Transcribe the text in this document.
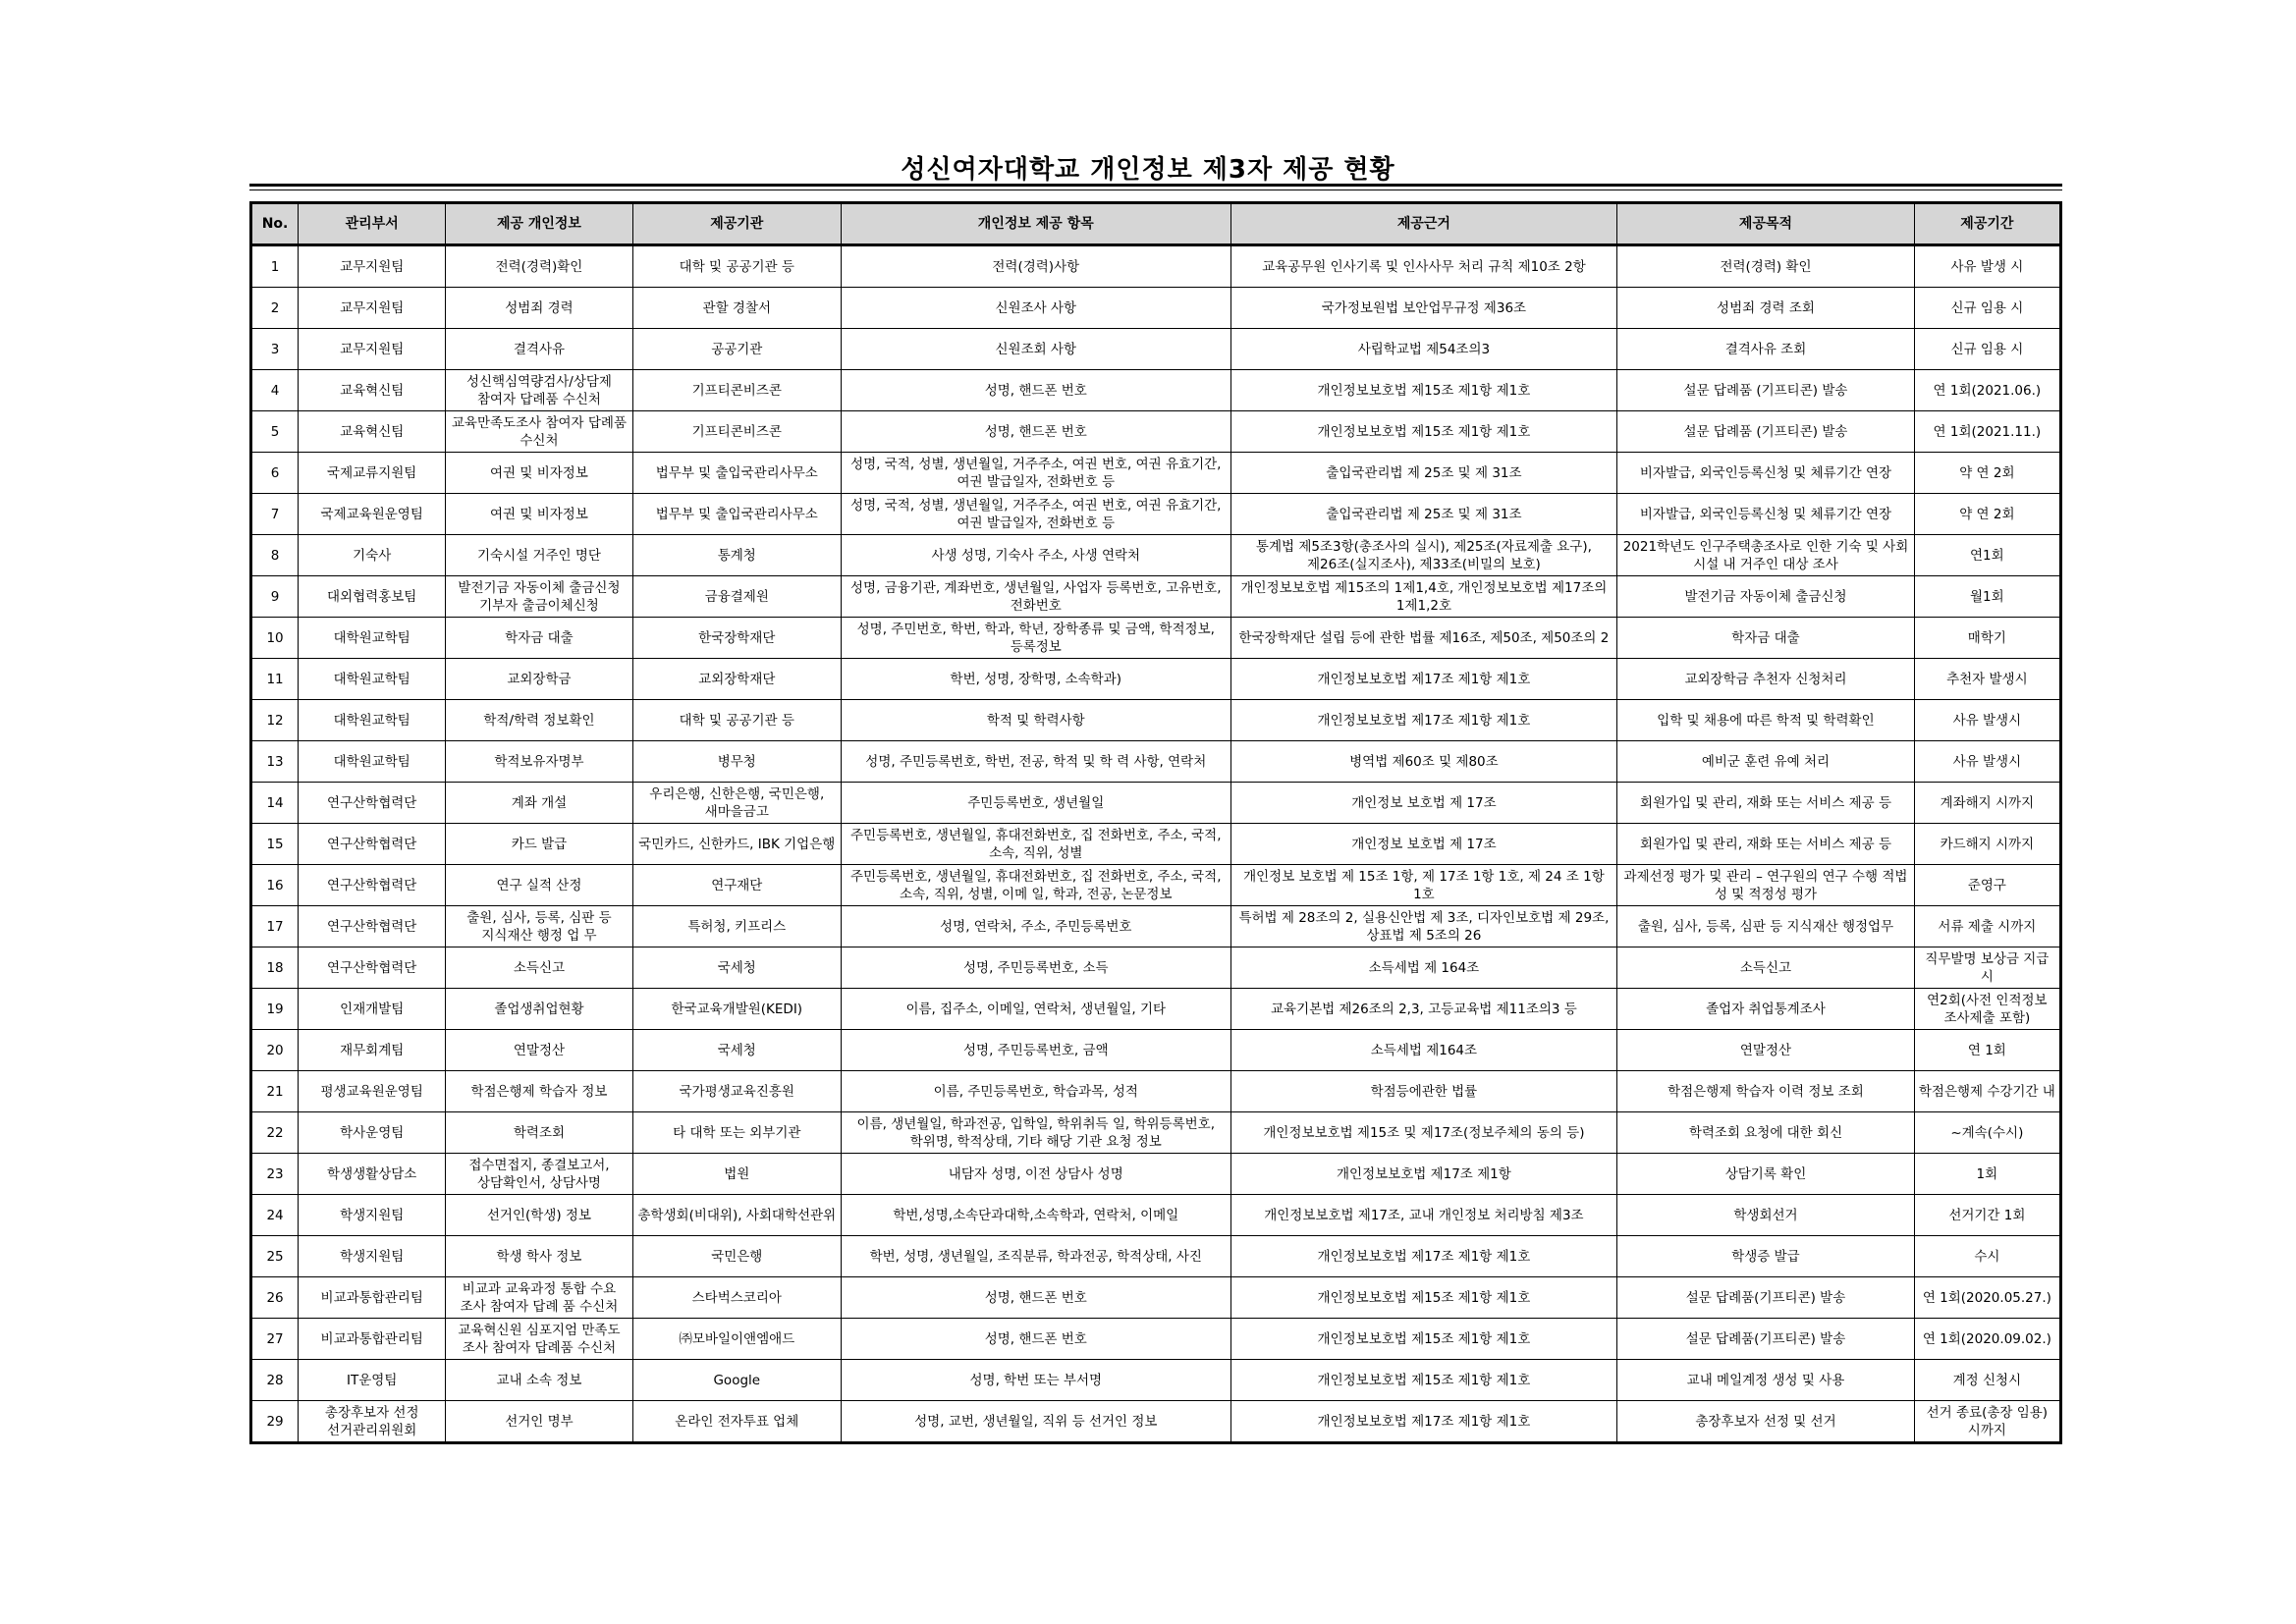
성신여자대학교 개인정보 제3자 제공 현황
No.	관리부서	제공 개인정보	제공기관	개인정보 제공 항목	제공근거	제공목적	제공기간
1	교무지원팀	전력(경력)확인	대학 및 공공기관 등	전력(경력)사항	교육공무원 인사기록 및 인사사무 처리 규칙 제10조 2항	전력(경력) 확인	사유 발생 시
2	교무지원팀	성범죄 경력	관할 경찰서	신원조사 사항	국가정보원법 보안업무규정 제36조	성범죄 경력 조회	신규 임용 시
3	교무지원팀	결격사유	공공기관	신원조회 사항	사립학교법 제54조의3	결격사유 조회	신규 임용 시
4	교육혁신팀	성신핵심역량검사/상담제 참여자 답례품 수신처	기프티콘비즈콘	성명, 핸드폰 번호	개인정보보호법 제15조 제1항 제1호	설문 답례품 (기프티콘) 발송	연 1회(2021.06.)
5	교육혁신팀	교육만족도조사 참여자 답례품 수신처	기프티콘비즈콘	성명, 핸드폰 번호	개인정보보호법 제15조 제1항 제1호	설문 답례품 (기프티콘) 발송	연 1회(2021.11.)
6	국제교류지원팀	여권 및 비자정보	법무부 및 출입국관리사무소	성명, 국적, 성별, 생년월일, 거주주소, 여권 번호, 여권 유효기간, 여권 발급일자, 전화번호 등	출입국관리법 제 25조 및 제 31조	비자발급, 외국인등록신청 및 체류기간 연장	약 연 2회
7	국제교육원운영팀	여권 및 비자정보	법무부 및 출입국관리사무소	성명, 국적, 성별, 생년월일, 거주주소, 여권 번호, 여권 유효기간, 여권 발급일자, 전화번호 등	출입국관리법 제 25조 및 제 31조	비자발급, 외국인등록신청 및 체류기간 연장	약 연 2회
8	기숙사	기숙시설 거주인 명단	통계청	사생 성명, 기숙사 주소, 사생 연락처	통계법 제5조3항(총조사의 실시), 제25조(자료제출 요구), 제26조(실지조사), 제33조(비밀의 보호)	2021학년도 인구주택총조사로 인한 기숙 및 사회 시설 내 거주인 대상 조사	연1회
9	대외협력홍보팀	발전기금 자동이체 출금신청 기부자 출금이체신청	금융결제원	성명, 금융기관, 계좌번호, 생년월일, 사업자 등록번호, 고유번호, 전화번호	개인정보보호법 제15조의 1제1,4호, 개인정보보호법 제17조의 1제1,2호	발전기금 자동이체 출금신청	월1회
10	대학원교학팀	학자금 대출	한국장학재단	성명, 주민번호, 학번, 학과, 학년, 장학종류 및 금액, 학적정보, 등록정보	한국장학재단 설립 등에 관한 법률 제16조, 제50조, 제50조의 2	학자금 대출	매학기
11	대학원교학팀	교외장학금	교외장학재단	학번, 성명, 장학명, 소속학과)	개인정보보호법 제17조 제1항 제1호	교외장학금 추천자 신청처리	추천자 발생시
12	대학원교학팀	학적/학력 정보확인	대학 및 공공기관 등	학적 및 학력사항	개인정보보호법 제17조 제1항 제1호	입학 및 채용에 따른 학적 및 학력확인	사유 발생시
13	대학원교학팀	학적보유자명부	병무청	성명, 주민등록번호, 학번, 전공, 학적 및 학 력 사항, 연락처	병역법 제60조 및 제80조	예비군 훈련 유예 처리	사유 발생시
14	연구산학협력단	계좌 개설	우리은행, 신한은행, 국민은행, 새마을금고	주민등록번호, 생년월일	개인정보 보호법 제 17조	회원가입 및 관리, 재화 또는 서비스 제공 등	계좌해지 시까지
15	연구산학협력단	카드 발급	국민카드, 신한카드, IBK 기업은행	주민등록번호, 생년월일, 휴대전화번호, 집 전화번호, 주소, 국적, 소속, 직위, 성별	개인정보 보호법 제 17조	회원가입 및 관리, 재화 또는 서비스 제공 등	카드해지 시까지
16	연구산학협력단	연구 실적 산정	연구재단	주민등록번호, 생년월일, 휴대전화번호, 집 전화번호, 주소, 국적, 소속, 직위, 성별, 이메 일, 학과, 전공, 논문정보	개인정보 보호법 제 15조 1항, 제 17조 1항 1호, 제 24 조 1항 1호	과제선정 평가 및 관리 – 연구원의 연구 수행 적법 성 및 적정성 평가	준영구
17	연구산학협력단	출원, 심사, 등록, 심판 등 지식재산 행정 업 무	특허청, 키프리스	성명, 연락처, 주소, 주민등록번호	특허법 제 28조의 2, 실용신안법 제 3조, 디자인보호법 제 29조, 상표법 제 5조의 26	출원, 심사, 등록, 심판 등 지식재산 행정업무	서류 제출 시까지
18	연구산학협력단	소득신고	국세청	성명, 주민등록번호, 소득	소득세법 제 164조	소득신고	직무발명 보상금 지급 시
19	인재개발팀	졸업생취업현황	한국교육개발원(KEDI)	이름, 집주소, 이메일, 연락처, 생년월일, 기타	교육기본법 제26조의 2,3, 고등교육법 제11조의3 등	졸업자 취업통계조사	연2회(사전 인적정보 조사제출 포함)
20	재무회계팀	연말정산	국세청	성명, 주민등록번호, 금액	소득세법 제164조	연말정산	연 1회
21	평생교육원운영팀	학점은행제 학습자 정보	국가평생교육진흥원	이름, 주민등록번호, 학습과목, 성적	학점등에관한 법률	학점은행제 학습자 이력 정보 조회	학점은행제 수강기간 내
22	학사운영팀	학력조회	타 대학 또는 외부기관	이름, 생년월일, 학과전공, 입학일, 학위취득 일, 학위등록번호, 학위명, 학적상태, 기타 해당 기관 요청 정보	개인정보보호법 제15조 및 제17조(정보주체의 동의 등)	학력조회 요청에 대한 회신	~계속(수시)
23	학생생활상담소	접수면접지, 종결보고서, 상담확인서, 상담사명	법원	내담자 성명, 이전 상담사 성명	개인정보보호법 제17조 제1항	상담기록 확인	1회
24	학생지원팀	선거인(학생) 정보	총학생회(비대위), 사회대학선관위	학번,성명,소속단과대학,소속학과, 연락처, 이메일	개인정보보호법 제17조, 교내 개인정보 처리방침 제3조	학생회선거	선거기간 1회
25	학생지원팀	학생 학사 정보	국민은행	학번, 성명, 생년월일, 조직분류, 학과전공, 학적상태, 사진	개인정보보호법 제17조 제1항 제1호	학생증 발급	수시
26	비교과통합관리팀	비교과 교육과정 통합 수요 조사 참여자 답례 품 수신처	스타벅스코리아	성명, 핸드폰 번호	개인정보보호법 제15조 제1항 제1호	설문 답례품(기프티콘) 발송	연 1회(2020.05.27.)
27	비교과통합관리팀	교육혁신원 심포지엄 만족도 조사 참여자 답례품 수신처	㈜모바일이앤엠애드	성명, 핸드폰 번호	개인정보보호법 제15조 제1항 제1호	설문 답례품(기프티콘) 발송	연 1회(2020.09.02.)
28	IT운영팀	교내 소속 정보	Google	성명, 학번 또는 부서명	개인정보보호법 제15조 제1항 제1호	교내 메일계정 생성 및 사용	계정 신청시
29	총장후보자 선정 선거관리위원회	선거인 명부	온라인 전자투표 업체	성명, 교번, 생년월일, 직위 등 선거인 정보	개인정보보호법 제17조 제1항 제1호	총장후보자 선정 및 선거	선거 종료(총장 임용) 시까지
